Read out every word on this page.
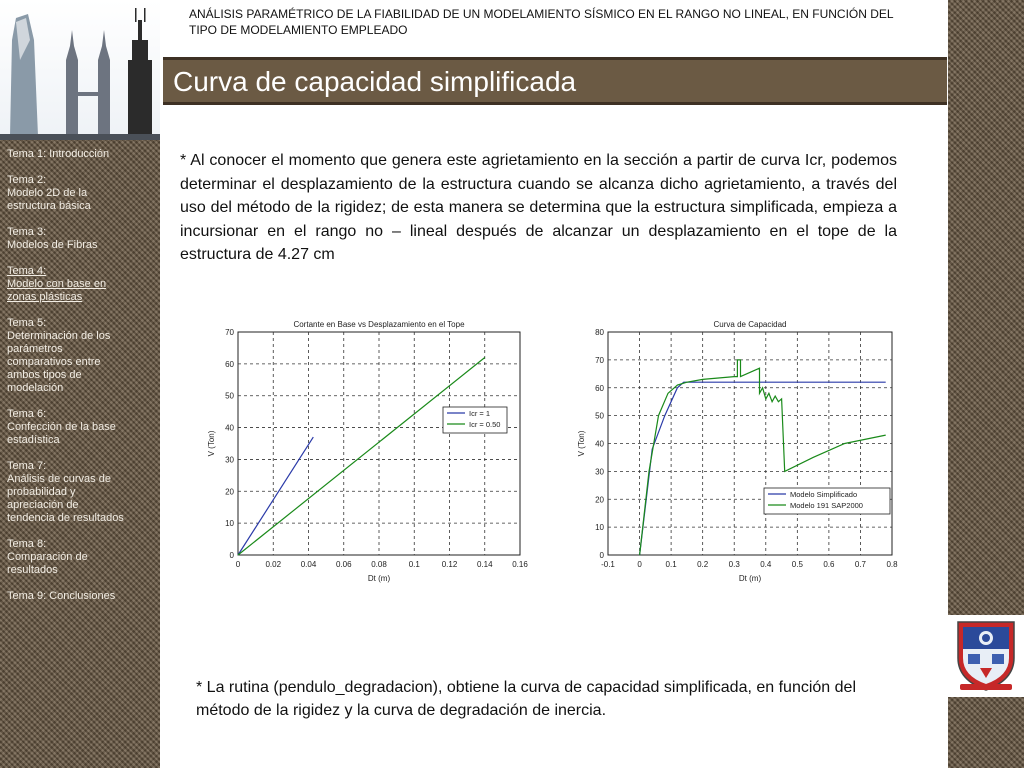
ANÁLISIS PARAMÉTRICO DE LA FIABILIDAD DE UN MODELAMIENTO SÍSMICO EN EL RANGO NO LINEAL, EN FUNCIÓN DEL TIPO DE MODELAMIENTO EMPLEADO
Curva de capacidad simplificada
Tema 1: Introducción
Tema 2:
Modelo 2D de la
estructura básica
Tema 3:
Modelos de Fibras
Tema 4:
Modelo con base en
zonas plásticas
Tema 5:
Determinación de los
parámetros
comparativos entre
ambos tipos de
modelación
Tema 6:
Confección de la base
estadística
Tema 7:
Análisis de curvas de
probabilidad y
apreciación de
tendencia de resultados
Tema 8:
Comparación de
resultados
Tema 9: Conclusiones

* Al conocer el momento que genera este agrietamiento en la sección a partir de curva Icr, podemos determinar el desplazamiento de la estructura cuando se alcanza dicho agrietamiento, a través del uso del método de la rigidez; de esta manera se determina que la estructura simplificada, empieza a incursionar en el rango no – lineal después de alcanzar un desplazamiento en el tope de la estructura de 4.27 cm

* La rutina (pendulo_degradacion), obtiene la curva de capacidad simplificada, en función del método de la rigidez y la curva de degradación de inercia.

0	0.02 0.04 0.06 0.08	0.1	0.12 0.14 0.16
0
10
20
30
40
50
60
70
Cortante en Base vs Desplazamiento en el Tope
Dt (m)
V (Ton)
Icr = 1
Icr = 0.50
-0.1	0	0.1	0.2	0.3	0.4	0.5	0.6	0.7	0.8
0
10
20
30
40
50
60
70
80
Curva de Capacidad
Dt (m)
V (Ton)
Modelo Simplificado
Modelo 191 SAP2000
